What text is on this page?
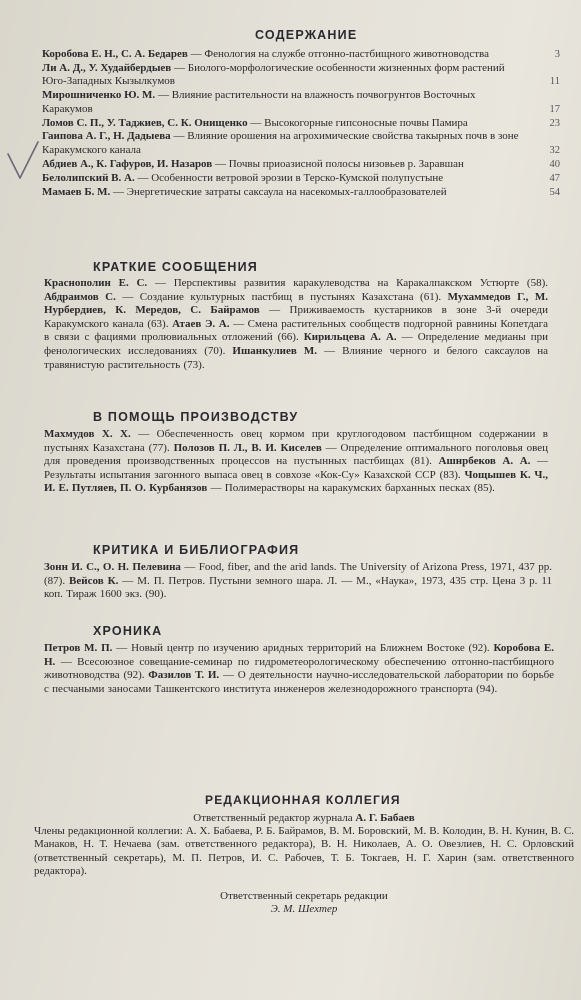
СОДЕРЖАНИЕ
Коробова Е. Н., С. А. Бедарев — Фенология на службе отгонно-пастбищного животноводства	3
Ли А. Д., У. Худайбердыев — Биолого-морфологические особенности жизненных форм растений Юго-Западных Кызылкумов	11
Мирошниченко Ю. М. — Влияние растительности на влажность почвогрунтов Восточных Каракумов	17
Ломов С. П., У. Таджиев, С. К. Онищенко — Высокогорные гипсоносные почвы Памира	23
Гаипова А. Г., Н. Дадыева — Влияние орошения на агрохимические свойства такырных почв в зоне Каракумского канала	32
Абдиев А., К. Гафуров, И. Назаров — Почвы приоазисной полосы низовьев р. Заравшан	40
Белолипский В. А. — Особенности ветровой эрозии в Терско-Кумской полупустыне	47
Мамаев Б. М. — Энергетические затраты саксаула на насекомых-галлообразователей	54
КРАТКИЕ СООБЩЕНИЯ
Краснополин Е. С. — Перспективы развития каракулеводства на Каракалпакском Устюрте (58). Абдраимов С. — Создание культурных пастбищ в пустынях Казахстана (61). Мухаммедов Г., М. Нурбердиев, К. Мередов, С. Байрамов — Приживаемость кустарников в зоне 3-й очереди Каракумского канала (63). Атаев Э. А. — Смена растительных сообществ подгорной равнины Копетдага в связи с фациями пролювиальных отложений (66). Кирильцева А. А. — Определение медианы при фенологических исследованиях (70). Ишанкулиев М. — Влияние черного и белого саксаулов на травянистую растительность (73).
В ПОМОЩЬ ПРОИЗВОДСТВУ
Махмудов Х. Х. — Обеспеченность овец кормом при круглогодовом пастбищном содержании в пустынях Казахстана (77). Полозов П. Л., В. И. Киселев — Определение оптимального поголовья овец для проведения производственных процессов на пустынных пастбищах (81). Ашнрбеков А. А. — Результаты испытания загонного выпаса овец в совхозе «Кок-Су» Казахской ССР (83). Чощышев К. Ч., И. Е. Путляев, П. О. Курбанязов — Полимерастворы на каракумских барханных песках (85).
КРИТИКА И БИБЛИОГРАФИЯ
Зонн И. С., О. Н. Пелевина — Food, fiber, and the arid lands. The University of Arizona Press, 1971, 437 pp. (87). Вейсов К. — М. П. Петров. Пустыни земного шара. Л. — М., «Наука», 1973, 435 стр. Цена 3 р. 11 коп. Тираж 1600 экз. (90).
ХРОНИКА
Петров М. П. — Новый центр по изучению аридных территорий на Ближнем Востоке (92). Коробова Е. Н. — Всесоюзное совещание-семинар по гидрометеорологическому обеспечению отгонно-пастбищного животноводства (92). Фазилов Т. И. — О деятельности научно-исследовательской лаборатории по борьбе с песчаными заносами Ташкентского института инженеров железнодорожного транспорта (94).
РЕДАКЦИОННАЯ КОЛЛЕГИЯ
Ответственный редактор журнала А. Г. Бабаев
Члены редакционной коллегии: А. Х. Бабаева, Р. Б. Байрамов, В. М. Боровский, М. В. Колодин, В. Н. Кунин, В. С. Манаков, Н. Т. Нечаева (зам. ответственного редактора), В. Н. Николаев, А. О. Овезлиев, Н. С. Орловский (ответственный секретарь), М. П. Петров, И. С. Рабочев, Т. Б. Токгаев, Н. Г. Харин (зам. ответственного редактора).
Ответственный секретарь редакции
Э. М. Шехтер
